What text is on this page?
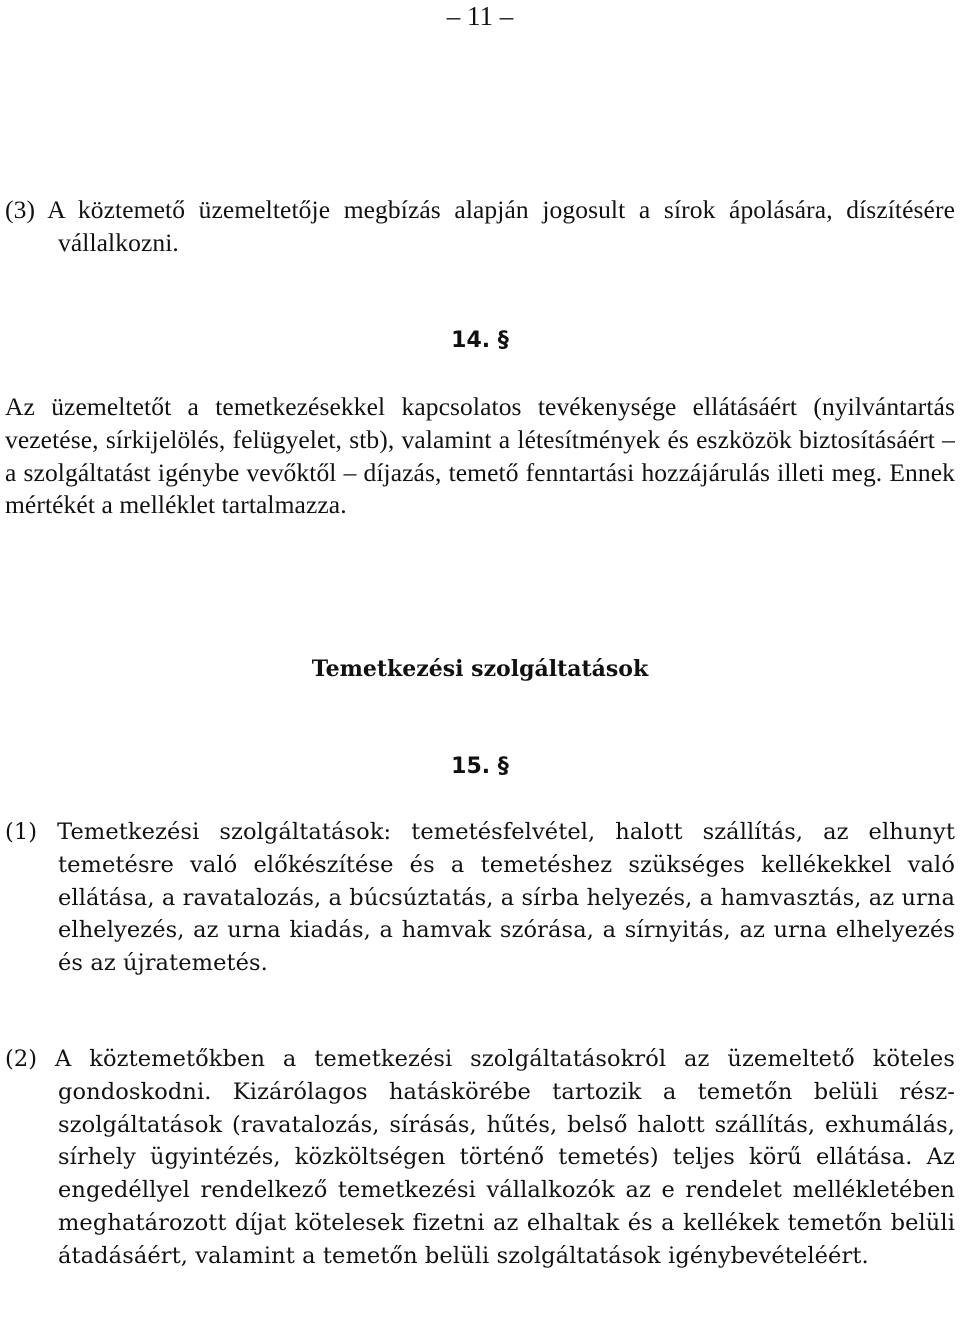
– 11 –

(3) A köztemető üzemeltetője megbízás alapján jogosult a sírok ápolására, díszítésére vállalkozni.

14. §

Az üzemeltetőt a temetkezésekkel kapcsolatos tevékenysége ellátásáért (nyilvántartás vezetése, sírkijelölés, felügyelet, stb), valamint a létesítmények és eszközök biztosításáért – a szolgáltatást igénybe vevőktől – díjazás, temető fenntartási hozzájárulás illeti meg. Ennek mértékét a melléklet tartalmazza.

Temetkezési szolgáltatások
15. §

(1) Temetkezési szolgáltatások: temetésfelvétel, halott szállítás, az elhunyt temetésre való előkészítése és a temetéshez szükséges kellékekkel való ellátása, a ravatalozás, a búcsúztatás, a sírba helyezés, a hamvasztás, az urna elhelyezés, az urna kiadás, a hamvak szórása, a sírnyitás, az urna elhelyezés és az újratemetés.

(2) A köztemetőkben a temetkezési szolgáltatásokról az üzemeltető köteles gondoskodni. Kizárólagos hatáskörébe tartozik a temetőn belüli rész-szolgáltatások (ravatalozás, sírásás, hűtés, belső halott szállítás, exhumálás, sírhely ügyintézés, közköltségen történő temetés) teljes körű ellátása. Az engedéllyel rendelkező temetkezési vállalkozók az e rendelet mellékletében meghatározott díjat kötelesek fizetni az elhaltak és a kellékek temetőn belüli átadásáért, valamint a temetőn belüli szolgáltatások igénybevételéért.
